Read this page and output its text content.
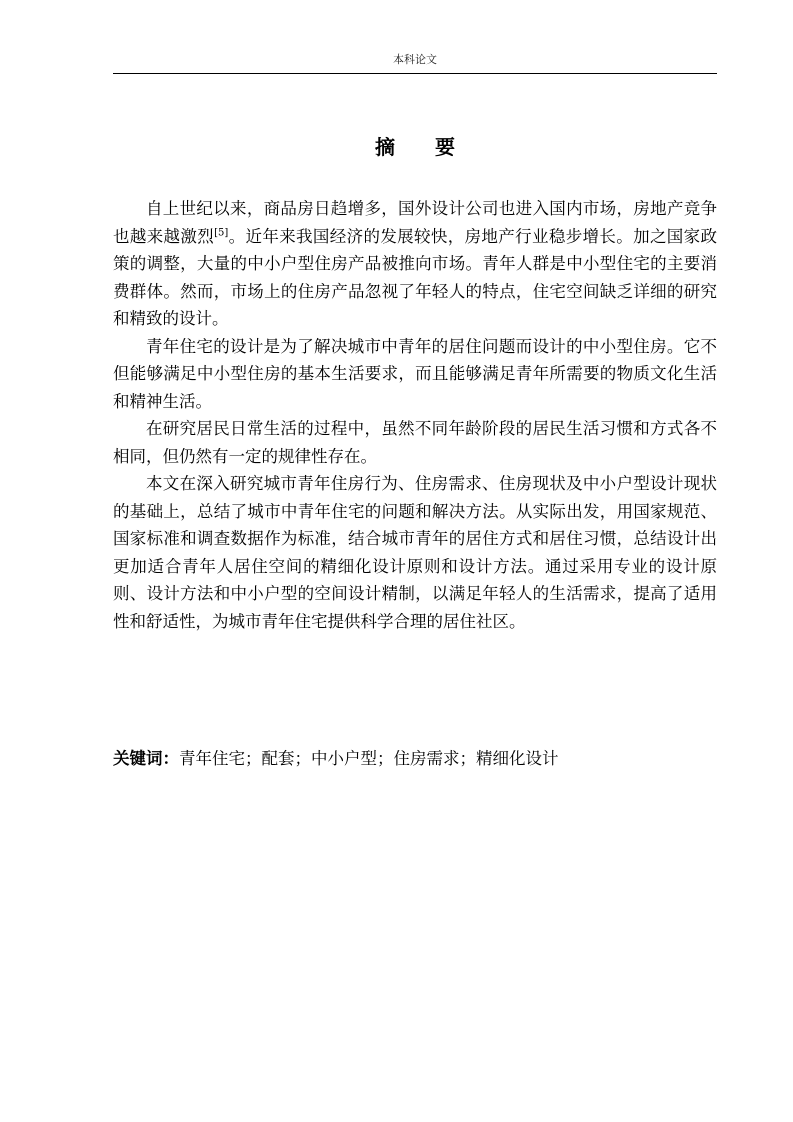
本科论文
摘 要

自上世纪以来，商品房日趋增多，国外设计公司也进入国内市场，房地产竞争也越来越激烈[5]。近年来我国经济的发展较快，房地产行业稳步增长。加之国家政策的调整，大量的中小户型住房产品被推向市场。青年人群是中小型住宅的主要消费群体。然而，市场上的住房产品忽视了年轻人的特点，住宅空间缺乏详细的研究和精致的设计。

青年住宅的设计是为了解决城市中青年的居住问题而设计的中小型住房。它不但能够满足中小型住房的基本生活要求，而且能够满足青年所需要的物质文化生活和精神生活。

在研究居民日常生活的过程中，虽然不同年龄阶段的居民生活习惯和方式各不相同，但仍然有一定的规律性存在。

本文在深入研究城市青年住房行为、住房需求、住房现状及中小户型设计现状的基础上，总结了城市中青年住宅的问题和解决方法。从实际出发，用国家规范、国家标准和调查数据作为标准，结合城市青年的居住方式和居住习惯，总结设计出更加适合青年人居住空间的精细化设计原则和设计方法。通过采用专业的设计原则、设计方法和中小户型的空间设计精制，以满足年轻人的生活需求，提高了适用性和舒适性，为城市青年住宅提供科学合理的居住社区。

关键词：青年住宅；配套；中小户型；住房需求；精细化设计
